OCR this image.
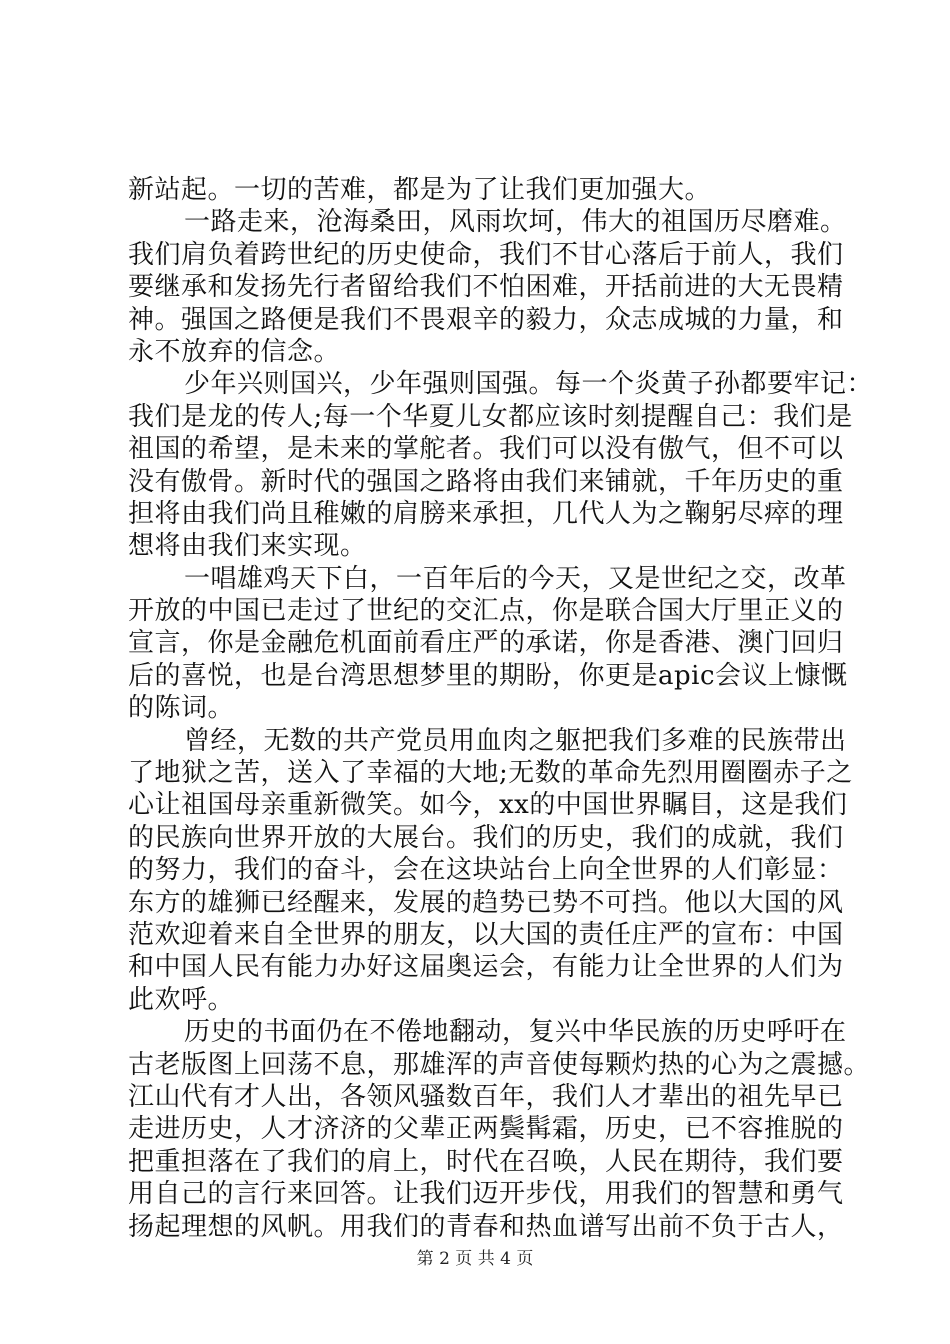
新站起。一切的苦难，都是为了让我们更加强大。
一路走来，沧海桑田，风雨坎坷，伟大的祖国历尽磨难。
我们肩负着跨世纪的历史使命，我们不甘心落后于前人，我们
要继承和发扬先行者留给我们不怕困难，开括前进的大无畏精
神。强国之路便是我们不畏艰辛的毅力，众志成城的力量，和
永不放弃的信念。
少年兴则国兴，少年强则国强。每一个炎黄子孙都要牢记：
我们是龙的传人;每一个华夏儿女都应该时刻提醒自己：我们是
祖国的希望，是未来的掌舵者。我们可以没有傲气，但不可以
没有傲骨。新时代的强国之路将由我们来铺就，千年历史的重
担将由我们尚且稚嫩的肩膀来承担，几代人为之鞠躬尽瘁的理
想将由我们来实现。
一唱雄鸡天下白，一百年后的今天，又是世纪之交，改革
开放的中国已走过了世纪的交汇点，你是联合国大厅里正义的
宣言，你是金融危机面前看庄严的承诺，你是香港、澳门回归
后的喜悦，也是台湾思想梦里的期盼，你更是apic会议上慷慨
的陈词。
曾经，无数的共产党员用血肉之躯把我们多难的民族带出
了地狱之苦，送入了幸福的大地;无数的革命先烈用圈圈赤子之
心让祖国母亲重新微笑。如今，xx的中国世界瞩目，这是我们
的民族向世界开放的大展台。我们的历史，我们的成就，我们
的努力，我们的奋斗，会在这块站台上向全世界的人们彰显：
东方的雄狮已经醒来，发展的趋势已势不可挡。他以大国的风
范欢迎着来自全世界的朋友，以大国的责任庄严的宣布：中国
和中国人民有能力办好这届奥运会，有能力让全世界的人们为
此欢呼。
历史的书面仍在不倦地翻动，复兴中华民族的历史呼吁在
古老版图上回荡不息，那雄浑的声音使每颗灼热的心为之震撼。
江山代有才人出，各领风骚数百年，我们人才辈出的祖先早已
走进历史，人才济济的父辈正两鬓髯霜，历史，已不容推脱的
把重担落在了我们的肩上，时代在召唤，人民在期待，我们要
用自己的言行来回答。让我们迈开步伐，用我们的智慧和勇气
扬起理想的风帆。用我们的青春和热血谱写出前不负于古人，
第 2 页 共 4 页
